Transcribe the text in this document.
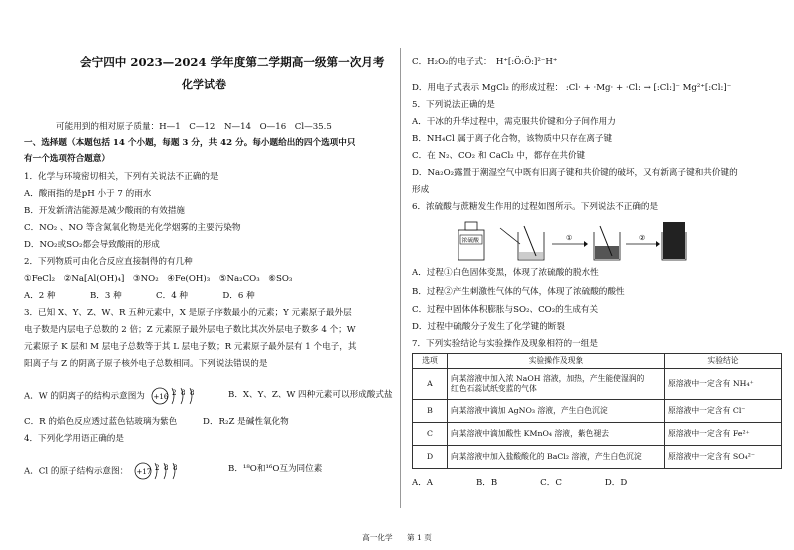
会宁四中 2023—2024 学年度第二学期高一级第一次月考
化学试卷
可能用到的相对原子质量：H—1　C—12　N—14　O—16　Cl—35.5
一、选择题（本题包括 14 个小题，每题 3 分，共 42 分。每小题给出的四个选项中只
有一个选项符合题意）
1．化学与环境密切相关，下列有关说法不正确的是
A．酸雨指的是pH 小于 7 的雨水
B．开发新清洁能源是减少酸雨的有效措施
C．NO₂ 、NO 等含氮氧化物是光化学烟雾的主要污染物
D．NO₂或SO₂都会导致酸雨的形成
2．下列物质可由化合反应直接制得的有几种
①FeCl₂　②Na[Al(OH)₄]　③NO₂　④Fe(OH)₃　⑤Na₂CO₃　⑥SO₃
A．2 种　　　　B．3 种　　　　C．4 种　　　　D．6 种
3．已知 X、Y、Z、W、R 五种元素中，X 是原子序数最小的元素；Y 元素原子最外层
电子数是内层电子总数的 2 倍；Z 元素原子最外层电子数比其次外层电子数多 4 个；W
元素原子 K 层和 M 层电子总数等于其 L 层电子数；R 元素原子最外层有 1 个电子，其
阳离子与 Z 的阴离子原子核外电子总数相同。下列说法错误的是
A．W 的阴离子的结构示意图为 +16 2 8 8	B．X、Y、Z、W 四种元素可以形成酸式盐
C．R 的焰色反应透过蓝色钴玻璃为紫色　　　D．R₂Z 是碱性氧化物
4．下列化学用语正确的是
A．Cl 的原子结构示意图： +17 2 8 8	B．¹⁸O和¹⁶O互为同位素
C．H₂O₂的电子式：　H⁺[:Ö:Ö:]²⁻H⁺
D．用电子式表示 MgCl₂ 的形成过程： :Cl· + ·Mg· + ·Cl: → [:Cl:]⁻ Mg²⁺[:Cl:]⁻
5．下列说法正确的是
A．干冰的升华过程中，需克服共价键和分子间作用力
B．NH₄Cl 属于离子化合物，该物质中只存在离子键
C．在 N₂、CO₂ 和 CaCl₂ 中，都存在共价键
D．Na₂O₂露置于潮湿空气中既有旧离子键和共价键的破坏，又有新离子键和共价键的
形成
6．浓硫酸与蔗糖发生作用的过程如图所示。下列说法不正确的是
浓硫酸	①	②
A．过程①白色固体变黑，体现了浓硫酸的脱水性
B．过程②产生刺激性气体的气体，体现了浓硫酸的酸性
C．过程中固体体积膨胀与SO₂、CO₂的生成有关
D．过程中硫酸分子发生了化学键的断裂
7．下列实验结论与实验操作及现象相符的一组是
选项	实验操作及现象	实验结论
A	向某溶液中加入浓 NaOH 溶液，加热，产生能使湿润的
红色石蕊试纸变蓝的气体	原溶液中一定含有 NH₄⁺
B	向某溶液中滴加 AgNO₃ 溶液，产生白色沉淀	原溶液中一定含有 Cl⁻
C	向某溶液中滴加酸性 KMnO₄ 溶液，紫色褪去	原溶液中一定含有 Fe²⁺
D	向某溶液中加入盐酸酸化的 BaCl₂ 溶液，产生白色沉淀	原溶液中一定含有 SO₄²⁻
A．A　　　　　B．B　　　　　C．C　　　　　D．D
高一化学 第 1 页
